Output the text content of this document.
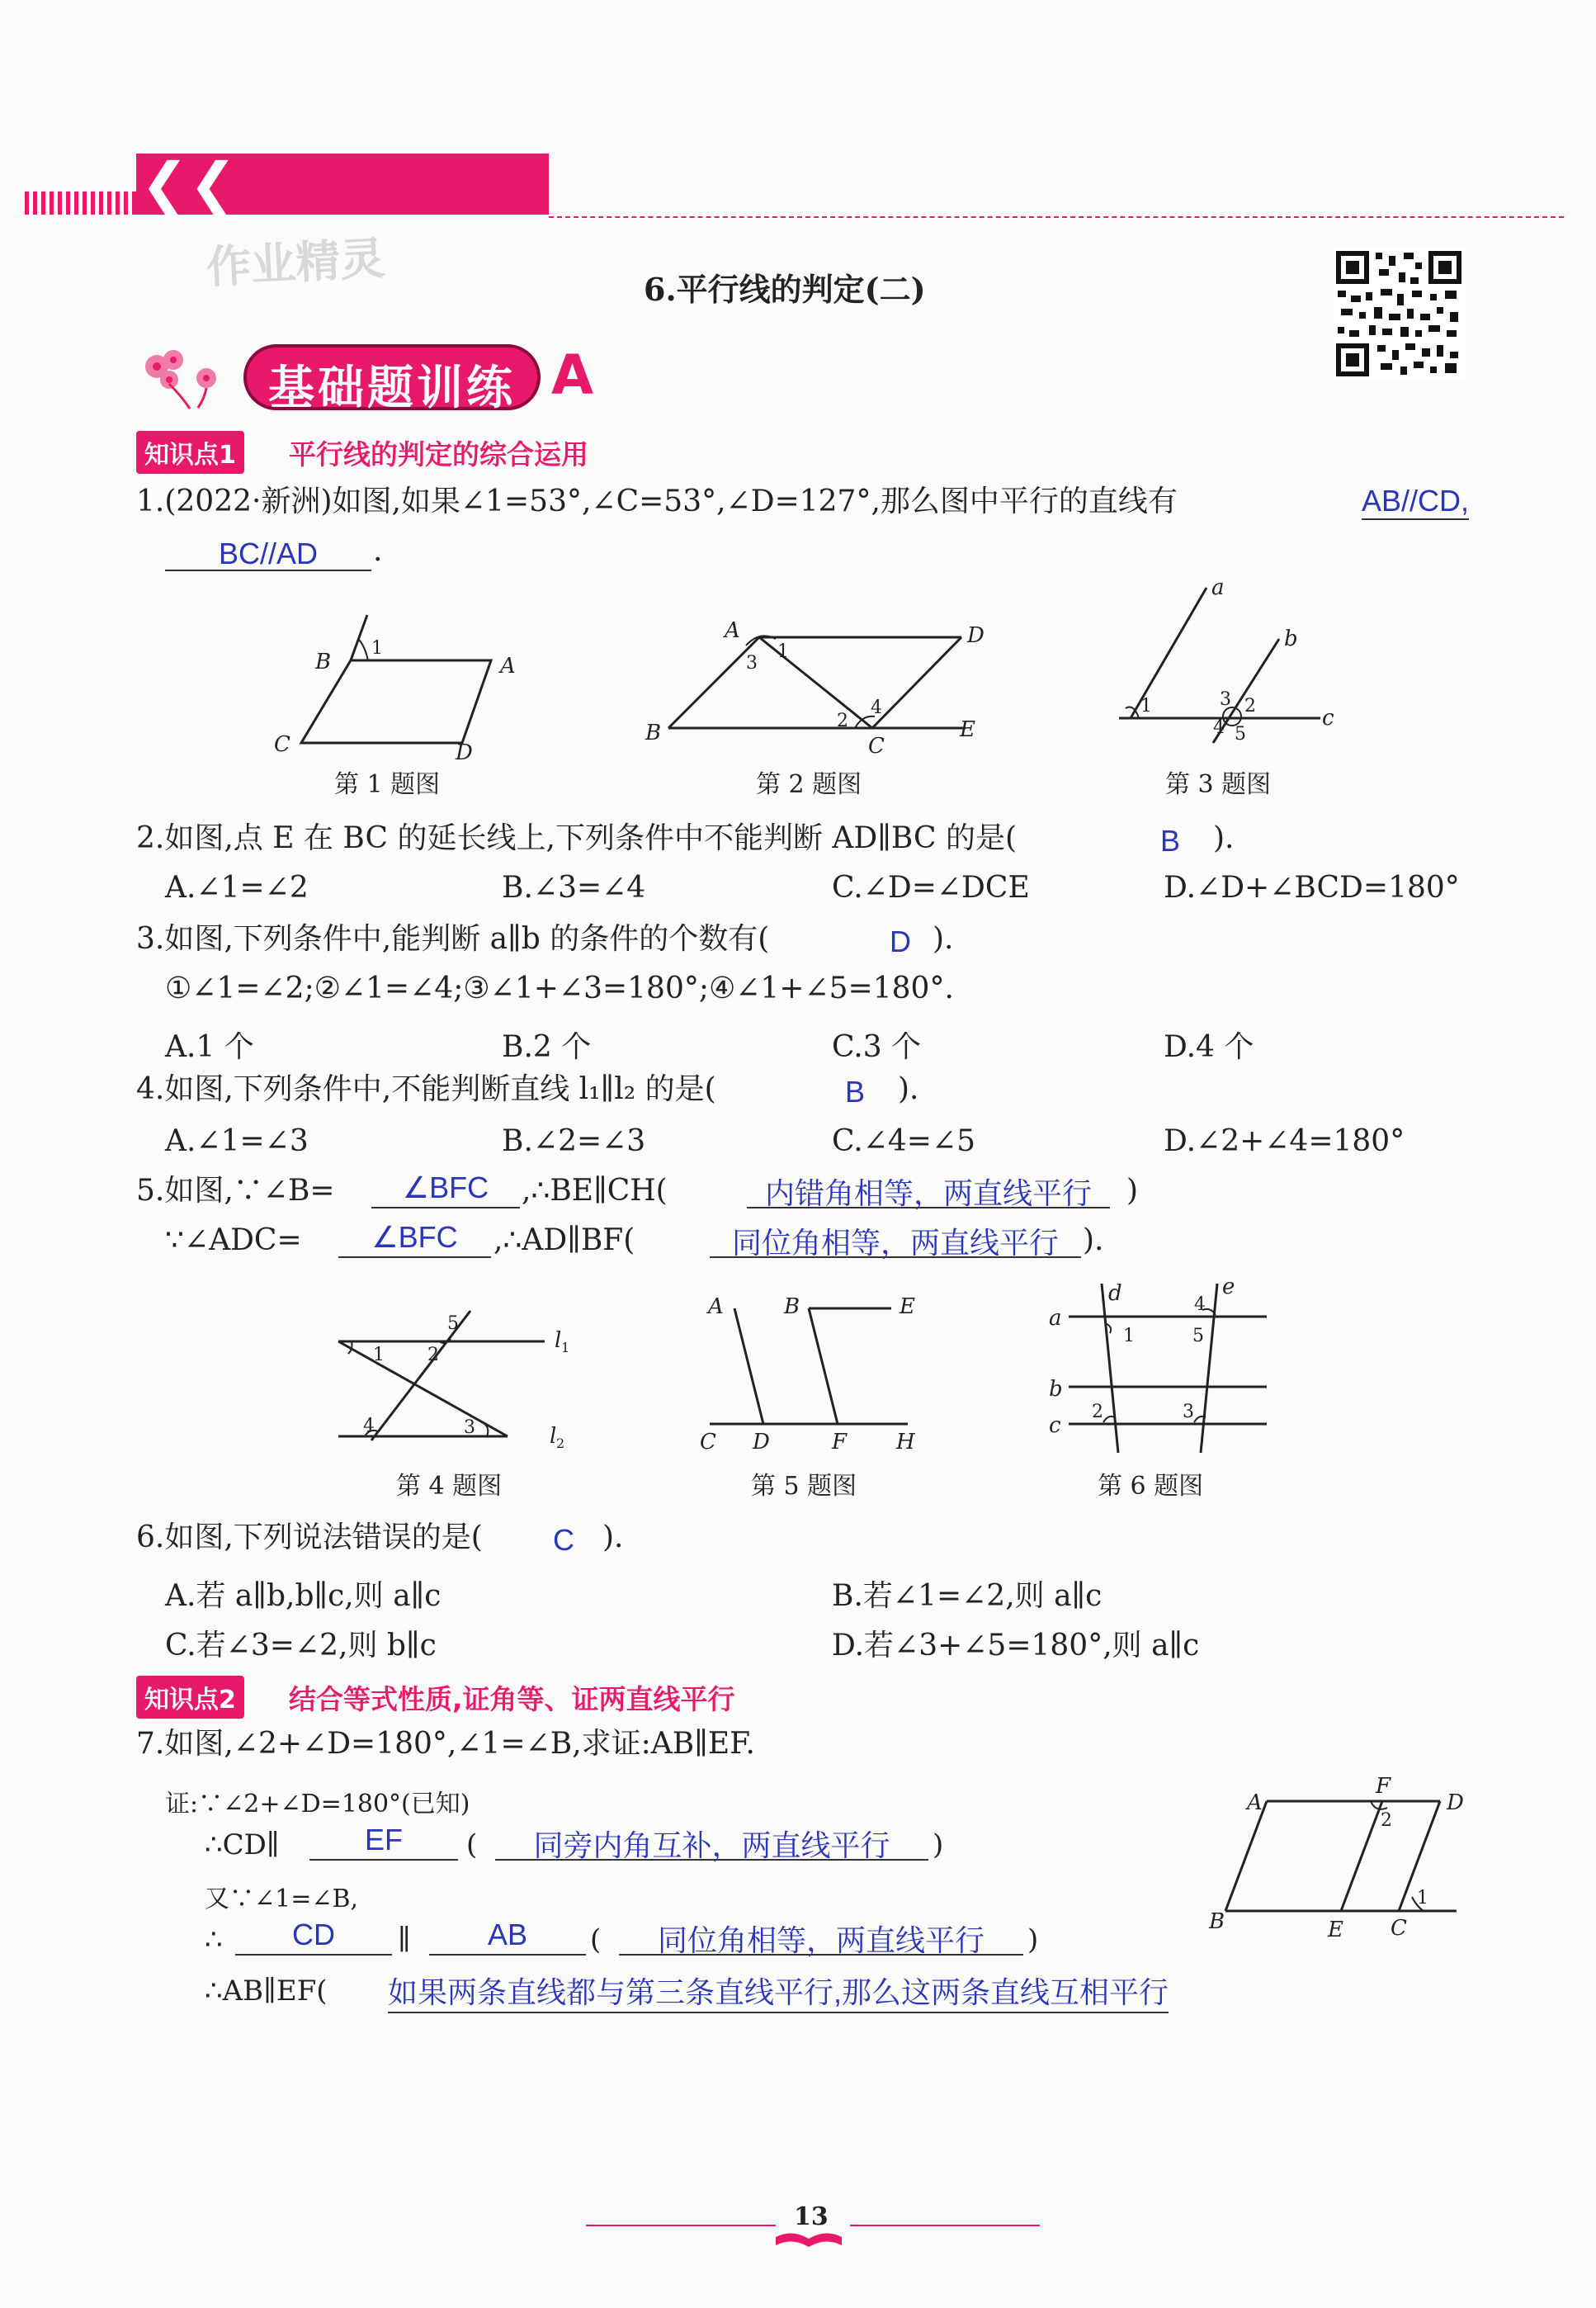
❮❮
作业精灵	6.平行线的判定(二)
基础题训练 A
知识点1	平行线的判定的综合运用
1.(2022·新洲)如图,如果∠1=53°,∠C=53°,∠D=127°,那么图中平行的直线有	AB//CD,
BC//AD	.
1
B	A
C	D
第 1 题图
A	D
B
C
E
1
3
2
4
第 2 题图
a
b
c
1	3 2
4 5
第 3 题图
2.如图,点 E 在 BC 的延长线上,下列条件中不能判断 AD∥BC 的是(	B ).
A.∠1=∠2	B.∠3=∠4	C.∠D=∠DCE	D.∠D+∠BCD=180°
3.如图,下列条件中,能判断 a∥b 的条件的个数有(	D ).
①∠1=∠2;②∠1=∠4;③∠1+∠3=180°;④∠1+∠5=180°.
A.1 个	B.2 个	C.3 个	D.4 个
4.如图,下列条件中,不能判断直线 l₁∥l₂ 的是(	B ).
A.∠1=∠3	B.∠2=∠3	C.∠4=∠5	D.∠2+∠4=180°
5.如图,∵∠B=	∠BFC	,∴BE∥CH(	内错角相等，两直线平行	)
∵∠ADC=	∠BFC	,∴AD∥BF(	同位角相等，两直线平行 ).
1 2
5
4	3
l 1
l 2
第 4 题图
A	B	E
C D	F H
第 5 题图
d	e
a
b
c
1
4
5
2	3
第 6 题图
6.如图,下列说法错误的是( C ).
A.若 a∥b,b∥c,则 a∥c	B.若∠1=∠2,则 a∥c
C.若∠3=∠2,则 b∥c	D.若∠3+∠5=180°,则 a∥c
知识点2	结合等式性质,证角等、证两直线平行
7.如图,∠2+∠D=180°,∠1=∠B,求证:AB∥EF.
证:∵∠2+∠D=180°(已知)
∴CD∥	EF	(	同旁内角互补，两直线平行	)
又∵∠1=∠B,
∴	CD	∥	AB	(	同位角相等，两直线平行	)
∴AB∥EF( 如果两条直线都与第三条直线平行,那么这两条直线互相平行
A
F
D
B	E C
2
1
13
